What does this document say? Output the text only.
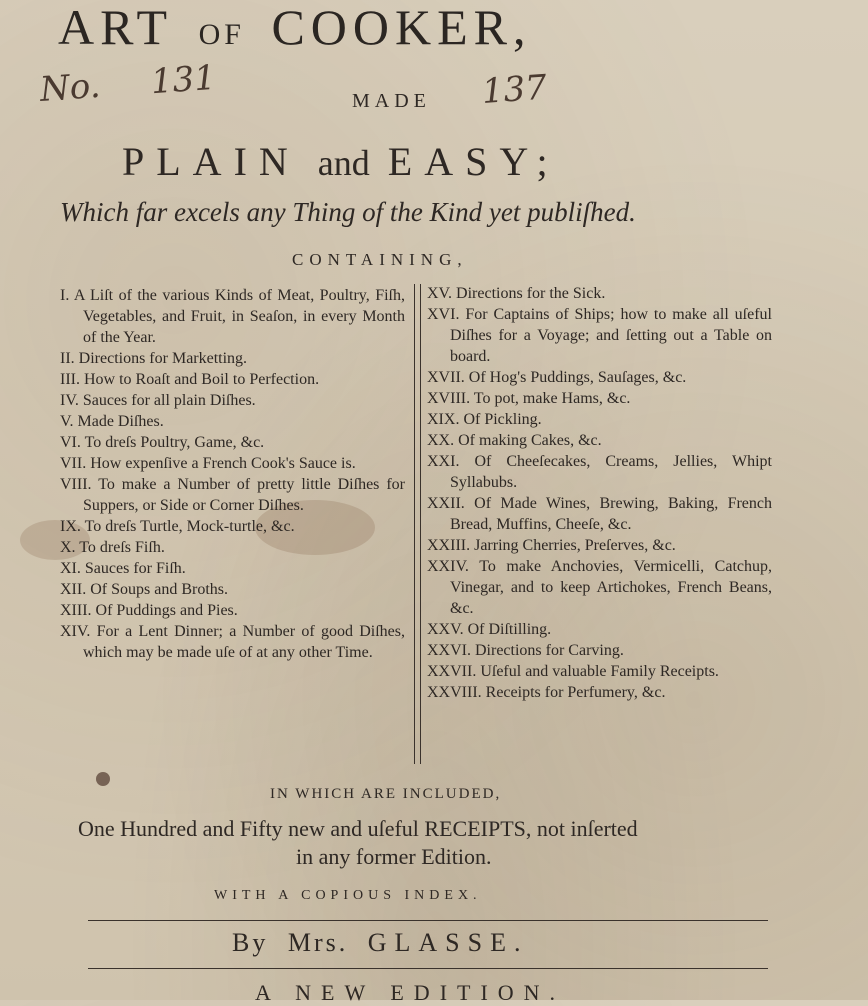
ART OF COOKER,
No. 131	137
MADE
PLAIN and EASY;
Which far excels any Thing of the Kind yet publiſhed.
CONTAINING,

I. A Liſt of the various Kinds of Meat, Poultry, Fiſh, Vegetables, and Fruit, in Seaſon, in every Month of the Year.

II. Directions for Marketting.

III. How to Roaſt and Boil to Perfection.

IV. Sauces for all plain Diſhes.

V. Made Diſhes.

VI. To dreſs Poultry, Game, &c.

VII. How expenſive a French Cook's Sauce is.

VIII. To make a Number of pretty little Diſhes for Suppers, or Side or Corner Diſhes.

IX. To dreſs Turtle, Mock-turtle, &c.

X. To dreſs Fiſh.

XI. Sauces for Fiſh.

XII. Of Soups and Broths.

XIII. Of Puddings and Pies.

XIV. For a Lent Dinner; a Number of good Diſhes, which may be made uſe of at any other Time.

XV. Directions for the Sick.

XVI. For Captains of Ships; how to make all uſeful Diſhes for a Voyage; and ſetting out a Table on board.

XVII. Of Hog's Puddings, Sauſages, &c.

XVIII. To pot, make Hams, &c.

XIX. Of Pickling.

XX. Of making Cakes, &c.

XXI. Of Cheeſecakes, Creams, Jellies, Whipt Syllabubs.

XXII. Of Made Wines, Brewing, Baking, French Bread, Muffins, Cheeſe, &c.

XXIII. Jarring Cherries, Preſerves, &c.

XXIV. To make Anchovies, Vermicelli, Catchup, Vinegar, and to keep Artichokes, French Beans, &c.

XXV. Of Diſtilling.

XXVI. Directions for Carving.

XXVII. Uſeful and valuable Family Receipts.

XXVIII. Receipts for Perfumery, &c.

IN WHICH ARE INCLUDED,
One Hundred and Fifty new and uſeful RECEIPTS, not inſerted
in any former Edition.
WITH A COPIOUS INDEX.
By Mrs. GLASSE.
A NEW EDITION.
